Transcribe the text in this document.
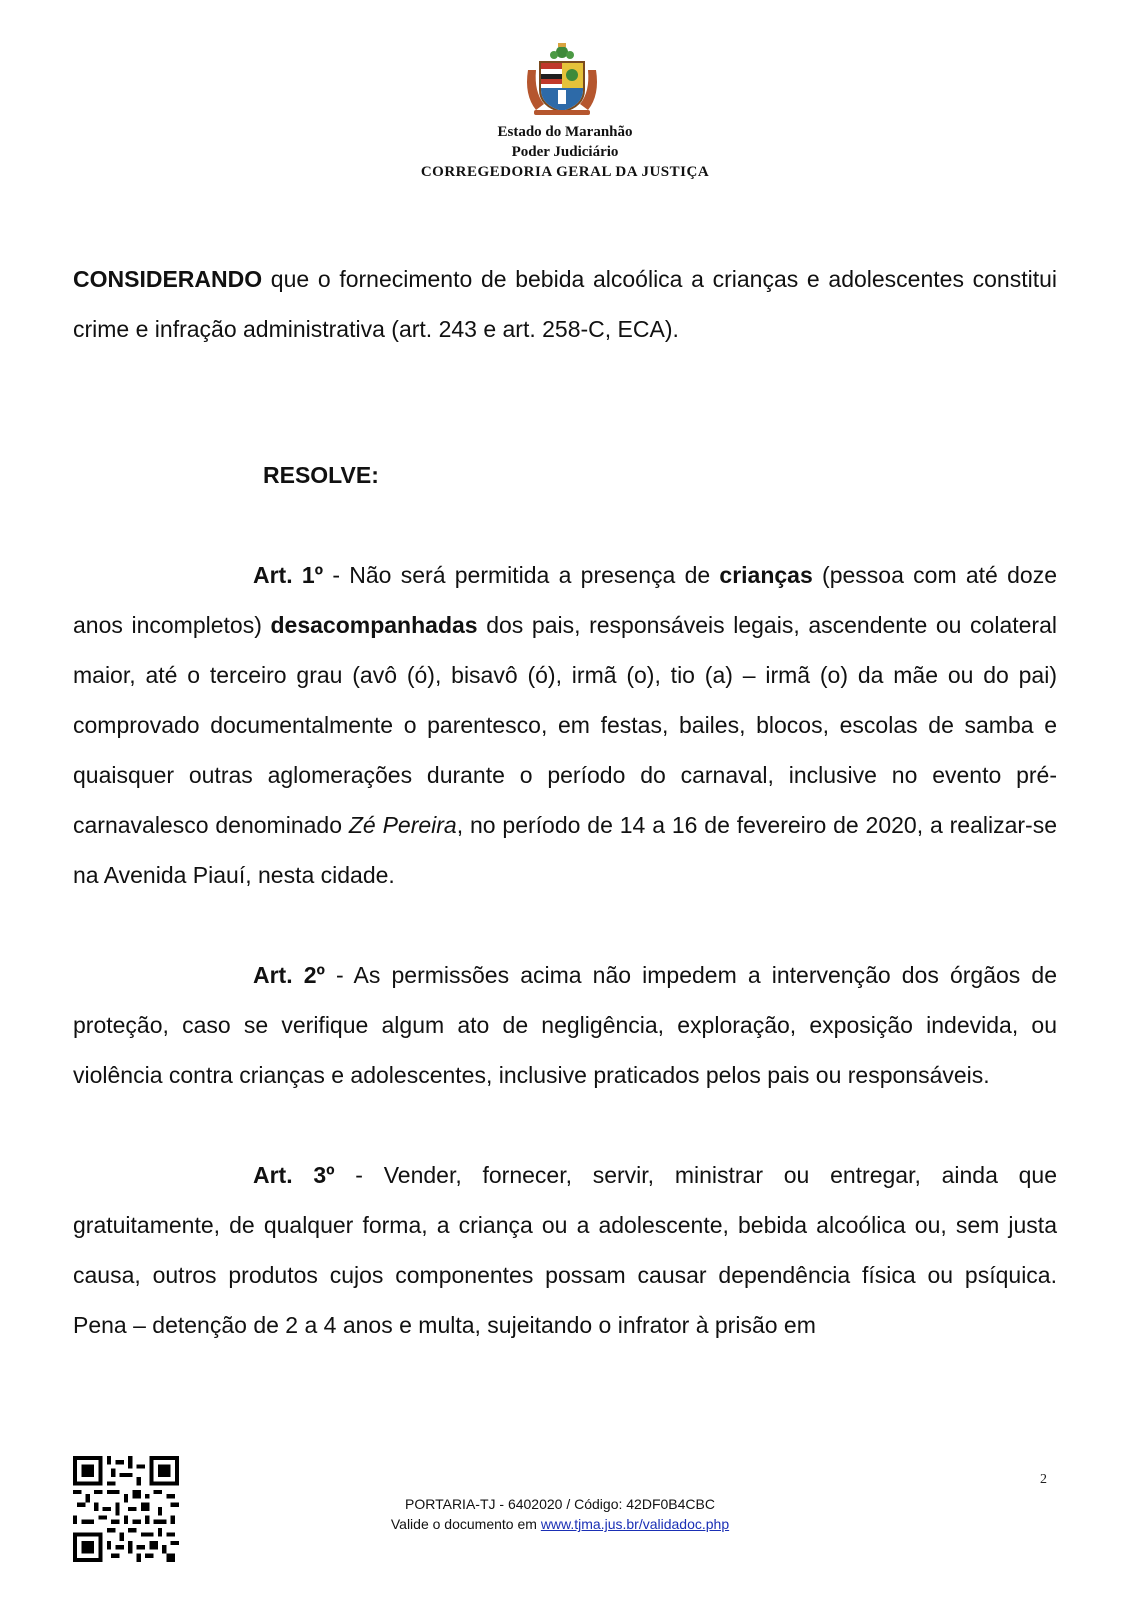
Estado do Maranhão
Poder Judiciário
CORREGEDORIA GERAL DA JUSTIÇA

CONSIDERANDO que o fornecimento de bebida alcoólica a crianças e adolescentes constitui crime e infração administrativa (art. 243 e art. 258-C, ECA).

RESOLVE:

Art. 1º - Não será permitida a presença de crianças (pessoa com até doze anos incompletos) desacompanhadas dos pais, responsáveis legais, ascendente ou colateral maior, até o terceiro grau (avô (ó), bisavô (ó), irmã (o), tio (a) – irmã (o) da mãe ou do pai) comprovado documentalmente o parentesco, em festas, bailes, blocos, escolas de samba e quaisquer outras aglomerações durante o período do carnaval, inclusive no evento pré-carnavalesco denominado Zé Pereira, no período de 14 a 16 de fevereiro de 2020, a realizar-se na Avenida Piauí, nesta cidade.

Art. 2º - As permissões acima não impedem a intervenção dos órgãos de proteção, caso se verifique algum ato de negligência, exploração, exposição indevida, ou violência contra crianças e adolescentes, inclusive praticados pelos pais ou responsáveis.

Art. 3º - Vender, fornecer, servir, ministrar ou entregar, ainda que gratuitamente, de qualquer forma, a criança ou a adolescente, bebida alcoólica ou, sem justa causa, outros produtos cujos componentes possam causar dependência física ou psíquica. Pena – detenção de 2 a 4 anos e multa, sujeitando o infrator à prisão em

2
PORTARIA-TJ - 6402020 / Código: 42DF0B4CBC
Valide o documento em www.tjma.jus.br/validadoc.php
